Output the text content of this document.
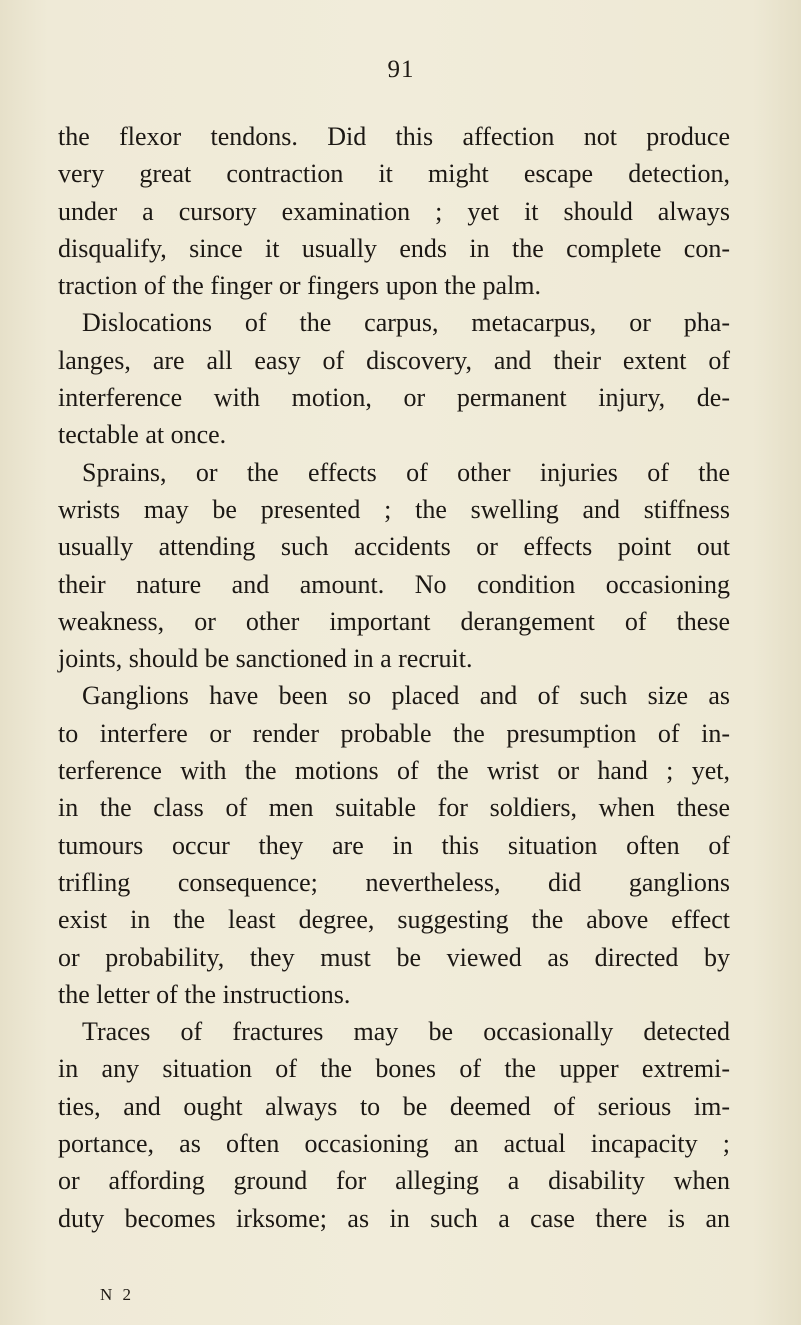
91
the flexor tendons. Did this affection not produce
very great contraction it might escape detection,
under a cursory examination ; yet it should always
disqualify, since it usually ends in the complete con-
traction of the finger or fingers upon the palm.
Dislocations of the carpus, metacarpus, or pha-
langes, are all easy of discovery, and their extent of
interference with motion, or permanent injury, de-
tectable at once.
Sprains, or the effects of other injuries of the
wrists may be presented ; the swelling and stiffness
usually attending such accidents or effects point out
their nature and amount. No condition occasioning
weakness, or other important derangement of these
joints, should be sanctioned in a recruit.
Ganglions have been so placed and of such size as
to interfere or render probable the presumption of in-
terference with the motions of the wrist or hand ; yet,
in the class of men suitable for soldiers, when these
tumours occur they are in this situation often of
trifling consequence; nevertheless, did ganglions
exist in the least degree, suggesting the above effect
or probability, they must be viewed as directed by
the letter of the instructions.
Traces of fractures may be occasionally detected
in any situation of the bones of the upper extremi-
ties, and ought always to be deemed of serious im-
portance, as often occasioning an actual incapacity ;
or affording ground for alleging a disability when
duty becomes irksome; as in such a case there is an
N 2
